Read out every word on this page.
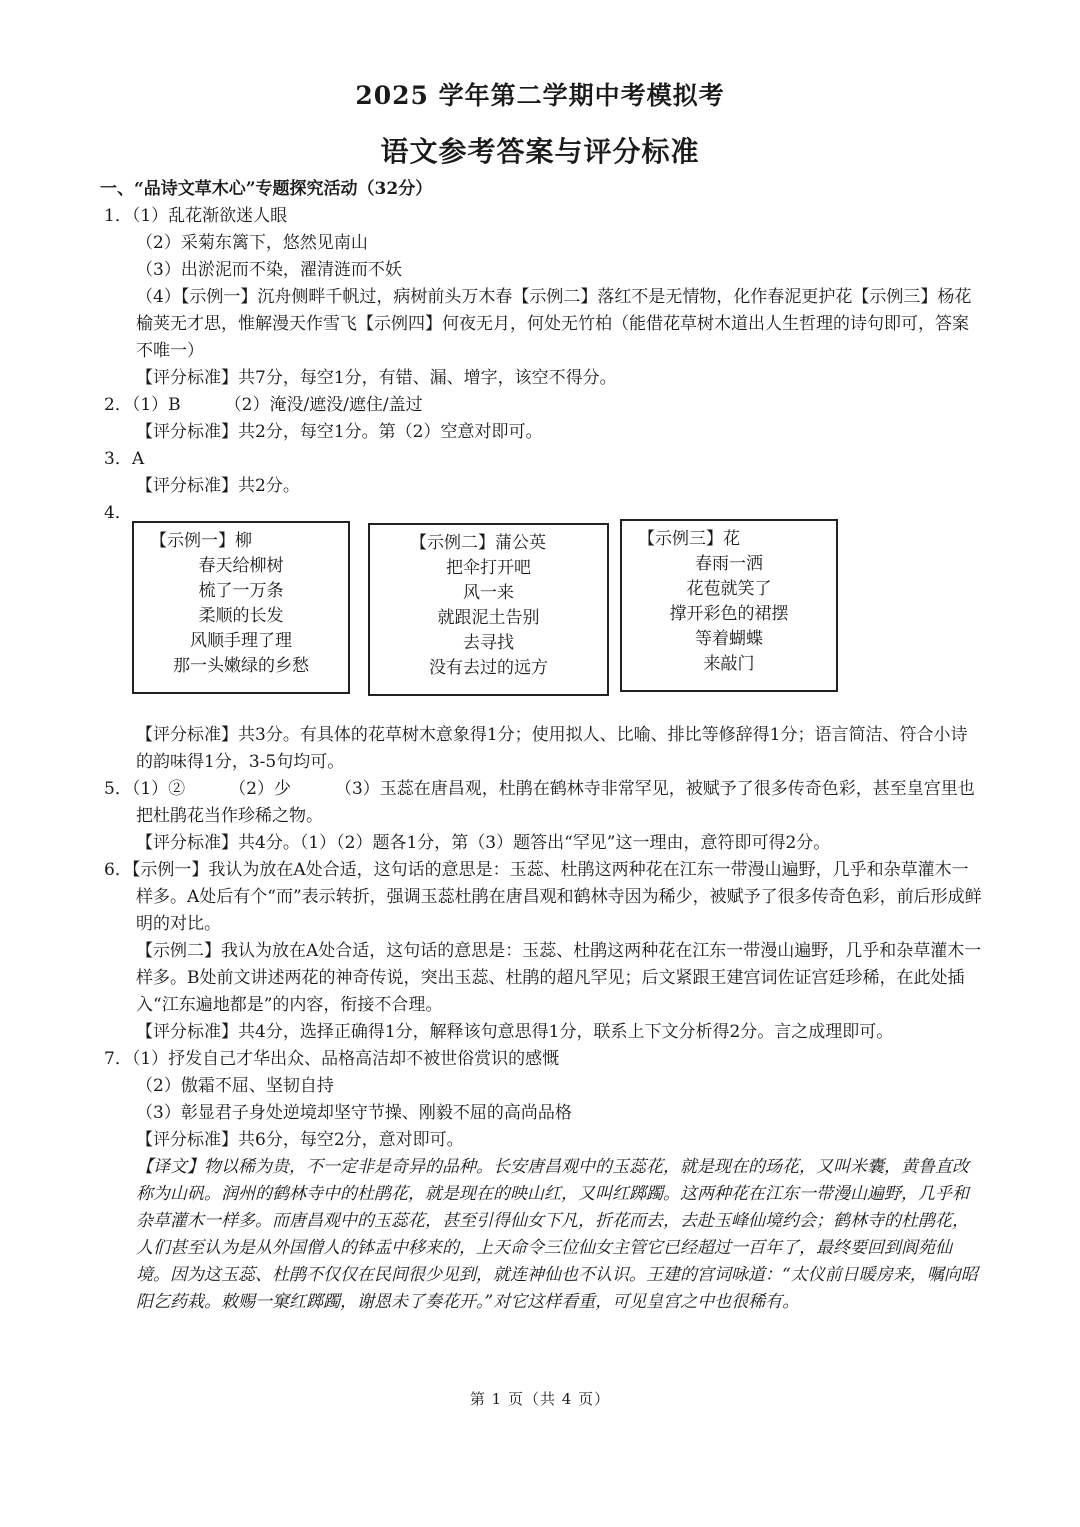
2025 学年第二学期中考模拟考
语文参考答案与评分标准
一、“品诗文草木心”专题探究活动（32分）
1．（1）乱花渐欲迷人眼
（2）采菊东篱下，悠然见南山
（3）出淤泥而不染，濯清涟而不妖
（4）【示例一】沉舟侧畔千帆过，病树前头万木春【示例二】落红不是无情物，化作春泥更护花【示例三】杨花榆荚无才思，惟解漫天作雪飞【示例四】何夜无月，何处无竹柏（能借花草树木道出人生哲理的诗句即可，答案不唯一）
【评分标准】共7分，每空1分，有错、漏、增字，该空不得分。
2．（1）B	（2）淹没/遮没/遮住/盖过
【评分标准】共2分，每空1分。第（2）空意对即可。
3．A
【评分标准】共2分。
4．
【示例一】柳
春天给柳树
梳了一万条
柔顺的长发
风顺手理了理
那一头嫩绿的乡愁
【示例二】蒲公英
把伞打开吧
风一来
就跟泥土告别
去寻找
没有去过的远方
【示例三】花
春雨一洒
花苞就笑了
撑开彩色的裙摆
等着蝴蝶
来敲门
【评分标准】共3分。有具体的花草树木意象得1分；使用拟人、比喻、排比等修辞得1分；语言简洁、符合小诗的韵味得1分，3-5句均可。
5．（1）②	（2）少	（3）玉蕊在唐昌观，杜鹃在鹤林寺非常罕见，被赋予了很多传奇色彩，甚至皇宫里也把杜鹃花当作珍稀之物。
【评分标准】共4分。（1）（2）题各1分，第（3）题答出“罕见”这一理由，意符即可得2分。
6．【示例一】我认为放在A处合适，这句话的意思是：玉蕊、杜鹃这两种花在江东一带漫山遍野，几乎和杂草灌木一样多。A处后有个“而”表示转折，强调玉蕊杜鹃在唐昌观和鹤林寺因为稀少，被赋予了很多传奇色彩，前后形成鲜明的对比。
【示例二】我认为放在A处合适，这句话的意思是：玉蕊、杜鹃这两种花在江东一带漫山遍野，几乎和杂草灌木一样多。B处前文讲述两花的神奇传说，突出玉蕊、杜鹃的超凡罕见；后文紧跟王建宫词佐证宫廷珍稀，在此处插入“江东遍地都是”的内容，衔接不合理。
【评分标准】共4分，选择正确得1分，解释该句意思得1分，联系上下文分析得2分。言之成理即可。
7．（1）抒发自己才华出众、品格高洁却不被世俗赏识的感慨
（2）傲霜不屈、坚韧自持
（3）彰显君子身处逆境却坚守节操、刚毅不屈的高尚品格
【评分标准】共6分，每空2分，意对即可。
【译文】物以稀为贵，不一定非是奇异的品种。长安唐昌观中的玉蕊花，就是现在的玚花，又叫米囊，黄鲁直改称为山矾。润州的鹤林寺中的杜鹃花，就是现在的映山红，又叫红踯躅。这两种花在江东一带漫山遍野，几乎和杂草灌木一样多。而唐昌观中的玉蕊花，甚至引得仙女下凡，折花而去，去赴玉峰仙境约会；鹤林寺的杜鹃花，人们甚至认为是从外国僧人的钵盂中移来的，上天命令三位仙女主管它已经超过一百年了，最终要回到阆苑仙境。因为这玉蕊、杜鹃不仅仅在民间很少见到，就连神仙也不认识。王建的宫词咏道：“太仪前日暖房来，嘱向昭阳乞药栽。敕赐一窠红踯躅，谢恩未了奏花开。”对它这样看重，可见皇宫之中也很稀有。
第 1 页（共 4 页）
